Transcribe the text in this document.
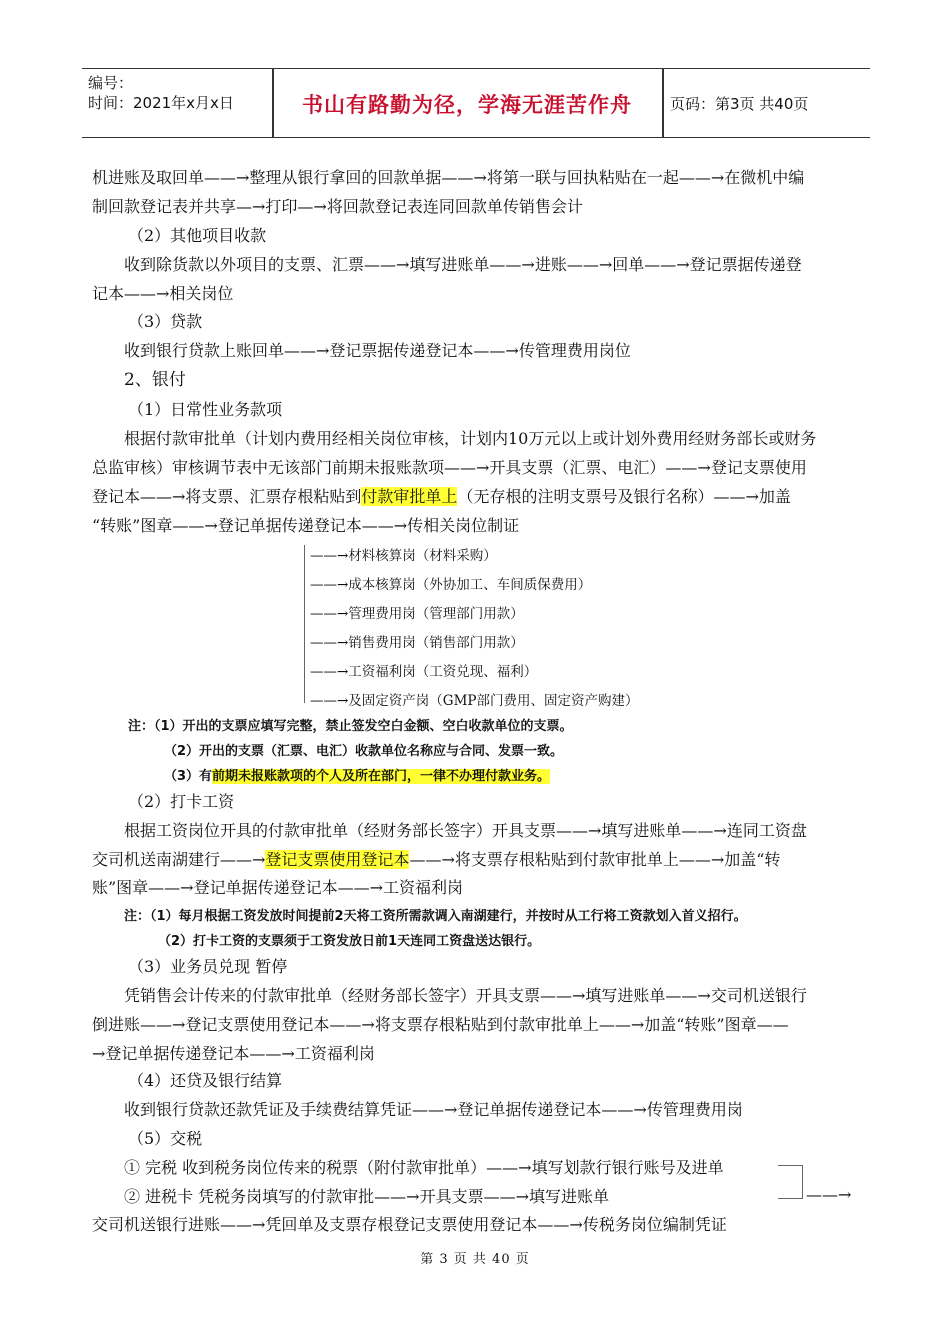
编号：
时间：2021年x月x日	书山有路勤为径，学海无涯苦作舟	页码：第3页 共40页
机进账及取回单——→整理从银行拿回的回款单据——→将第一联与回执粘贴在一起——→在微机中编
制回款登记表并共享—→打印—→将回款登记表连同回款单传销售会计
（2）其他项目收款
收到除货款以外项目的支票、汇票——→填写进账单——→进账——→回单——→登记票据传递登
记本——→相关岗位
（3）贷款
收到银行贷款上账回单——→登记票据传递登记本——→传管理费用岗位
2、银付
（1）日常性业务款项
根据付款审批单（计划内费用经相关岗位审核，计划内10万元以上或计划外费用经财务部长或财务
总监审核）审核调节表中无该部门前期未报账款项——→开具支票（汇票、电汇）——→登记支票使用
登记本——→将支票、汇票存根粘贴到付款审批单上（无存根的注明支票号及银行名称）——→加盖
“转账”图章——→登记单据传递登记本——→传相关岗位制证
——→材料核算岗（材料采购）
——→成本核算岗（外协加工、车间质保费用）
——→管理费用岗（管理部门用款）
——→销售费用岗（销售部门用款）
——→工资福利岗（工资兑现、福利）
——→及固定资产岗（GMP部门费用、固定资产购建）
注：（1）开出的支票应填写完整，禁止签发空白金额、空白收款单位的支票。
（2）开出的支票（汇票、电汇）收款单位名称应与合同、发票一致。
（3）有前期未报账款项的个人及所在部门，一律不办理付款业务。
（2）打卡工资
根据工资岗位开具的付款审批单（经财务部长签字）开具支票——→填写进账单——→连同工资盘
交司机送南湖建行——→登记支票使用登记本——→将支票存根粘贴到付款审批单上——→加盖“转
账”图章——→登记单据传递登记本——→工资福利岗
注：（1）每月根据工资发放时间提前2天将工资所需款调入南湖建行，并按时从工行将工资款划入首义招行。
（2）打卡工资的支票须于工资发放日前1天连同工资盘送达银行。
（3）业务员兑现 暂停
凭销售会计传来的付款审批单（经财务部长签字）开具支票——→填写进账单——→交司机送银行
倒进账——→登记支票使用登记本——→将支票存根粘贴到付款审批单上——→加盖“转账”图章——
→登记单据传递登记本——→工资福利岗
（4）还贷及银行结算
收到银行贷款还款凭证及手续费结算凭证——→登记单据传递登记本——→传管理费用岗
（5）交税
① 完税 收到税务岗位传来的税票（附付款审批单）——→填写划款行银行账号及进单
② 进税卡 凭税务岗填写的付款审批——→开具支票——→填写进账单	——→
交司机送银行进账——→凭回单及支票存根登记支票使用登记本——→传税务岗位编制凭证
第 3 页 共 40 页
